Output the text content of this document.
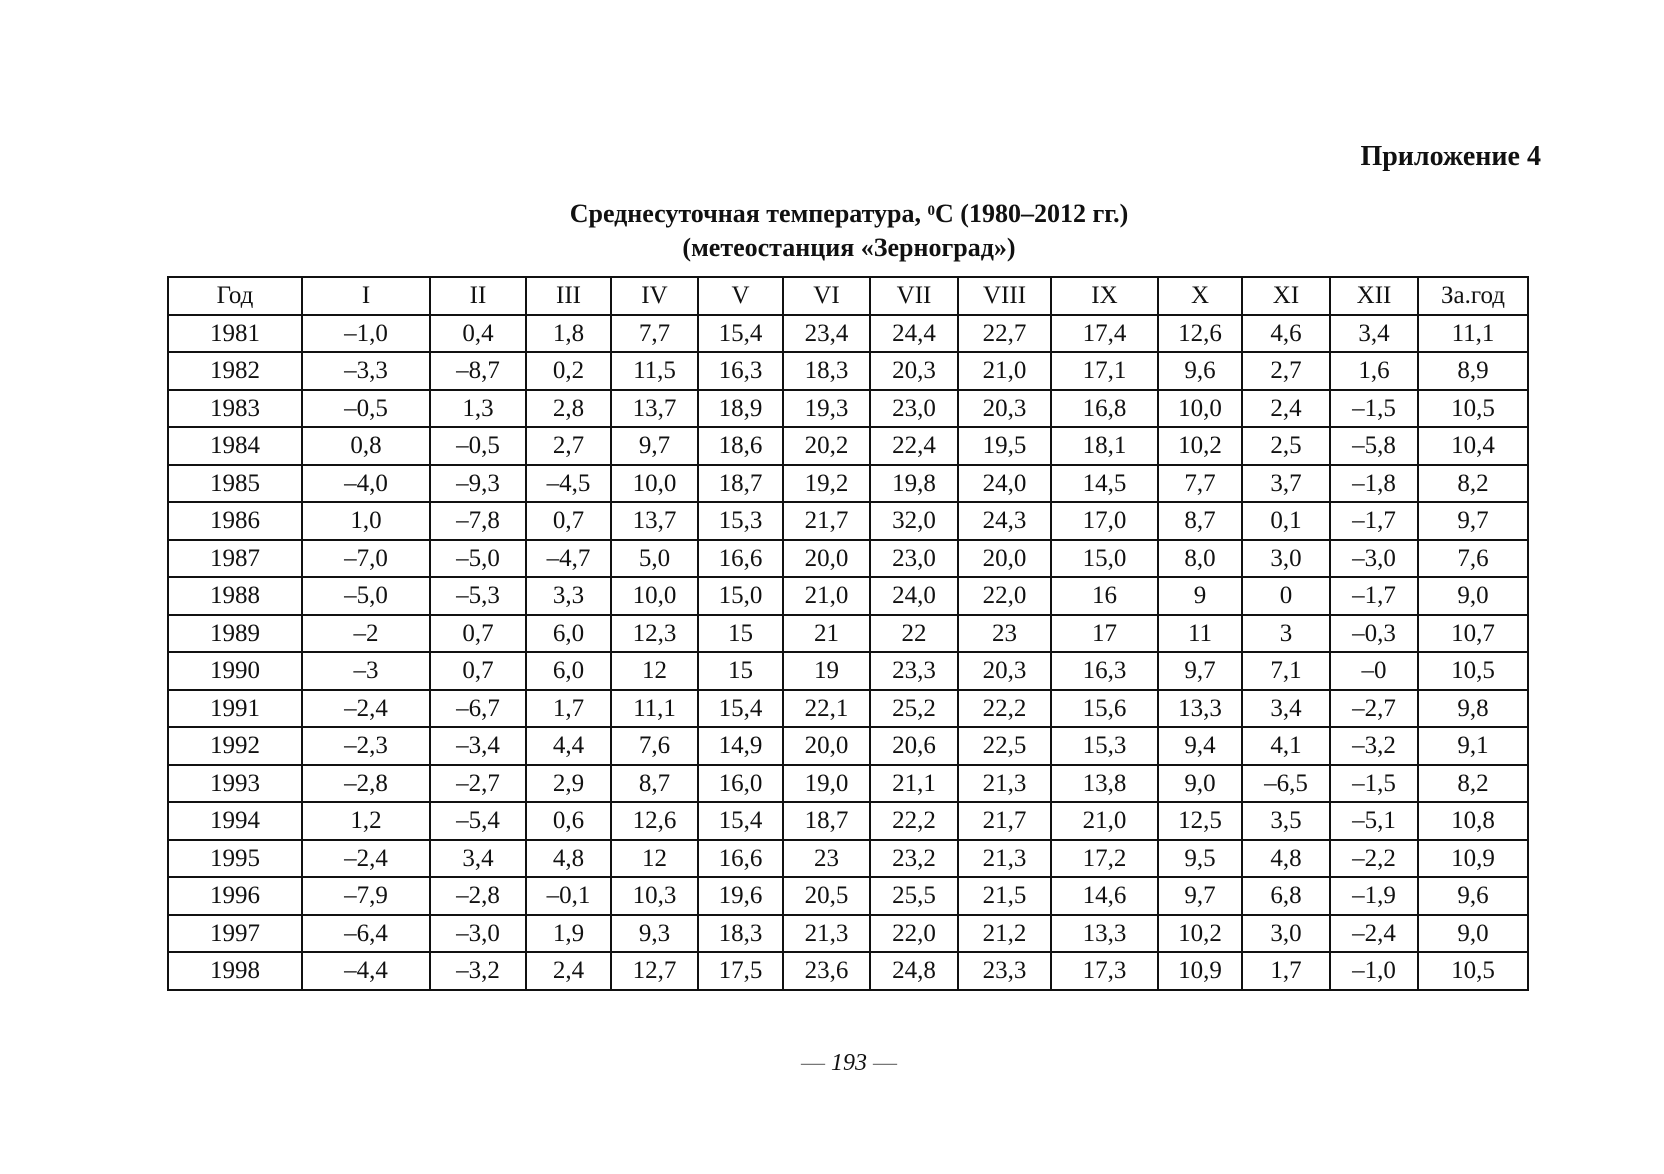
Приложение 4
Среднесуточная температура, $^0$С (1980–2012 гг.)
(метеостанция «Зерноград»)
Год	I	II	III	IV	V	VI	VII	VIII	IX	X	XI	XII	За.год
1981	–1,0	0,4	1,8	7,7	15,4	23,4	24,4	22,7	17,4	12,6	4,6	3,4	11,1
1982	–3,3	–8,7	0,2	11,5	16,3	18,3	20,3	21,0	17,1	9,6	2,7	1,6	8,9
1983	–0,5	1,3	2,8	13,7	18,9	19,3	23,0	20,3	16,8	10,0	2,4	–1,5	10,5
1984	0,8	–0,5	2,7	9,7	18,6	20,2	22,4	19,5	18,1	10,2	2,5	–5,8	10,4
1985	–4,0	–9,3	–4,5	10,0	18,7	19,2	19,8	24,0	14,5	7,7	3,7	–1,8	8,2
1986	1,0	–7,8	0,7	13,7	15,3	21,7	32,0	24,3	17,0	8,7	0,1	–1,7	9,7
1987	–7,0	–5,0	–4,7	5,0	16,6	20,0	23,0	20,0	15,0	8,0	3,0	–3,0	7,6
1988	–5,0	–5,3	3,3	10,0	15,0	21,0	24,0	22,0	16	9	0	–1,7	9,0
1989	–2	0,7	6,0	12,3	15	21	22	23	17	11	3	–0,3	10,7
1990	–3	0,7	6,0	12	15	19	23,3	20,3	16,3	9,7	7,1	–0	10,5
1991	–2,4	–6,7	1,7	11,1	15,4	22,1	25,2	22,2	15,6	13,3	3,4	–2,7	9,8
1992	–2,3	–3,4	4,4	7,6	14,9	20,0	20,6	22,5	15,3	9,4	4,1	–3,2	9,1
1993	–2,8	–2,7	2,9	8,7	16,0	19,0	21,1	21,3	13,8	9,0	–6,5	–1,5	8,2
1994	1,2	–5,4	0,6	12,6	15,4	18,7	22,2	21,7	21,0	12,5	3,5	–5,1	10,8
1995	–2,4	3,4	4,8	12	16,6	23	23,2	21,3	17,2	9,5	4,8	–2,2	10,9
1996	–7,9	–2,8	–0,1	10,3	19,6	20,5	25,5	21,5	14,6	9,7	6,8	–1,9	9,6
1997	–6,4	–3,0	1,9	9,3	18,3	21,3	22,0	21,2	13,3	10,2	3,0	–2,4	9,0
1998	–4,4	–3,2	2,4	12,7	17,5	23,6	24,8	23,3	17,3	10,9	1,7	–1,0	10,5
— 193 —
